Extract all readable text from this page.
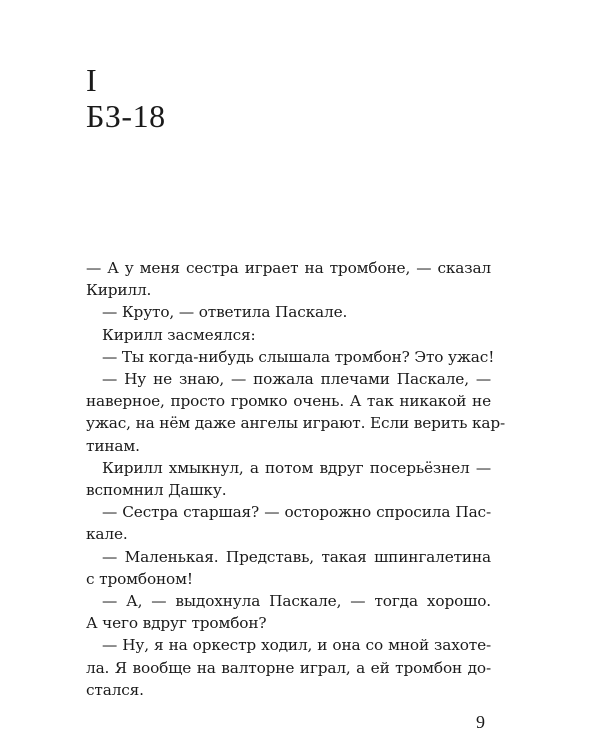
I
БЗ-18
— А у меня сестра играет на тромбоне, — сказал
Кирилл.
— Круто, — ответила Паскале.
Кирилл засмеялся:
— Ты когда-нибудь слышала тромбон? Это ужас!
— Ну не знаю, — пожала плечами Паскале, —
наверное, просто громко очень. А так никакой не
ужас, на нём даже ангелы играют. Если верить кар-
тинам.
Кирилл хмыкнул, а потом вдруг посерьёзнел —
вспомнил Дашку.
— Сестра старшая? — осторожно спросила Пас-
кале.
— Маленькая. Представь, такая шпингалетина
с тромбоном!
— А, — выдохнула Паскале, — тогда хорошо.
А чего вдруг тромбон?
— Ну, я на оркестр ходил, и она со мной захоте-
ла. Я вообще на валторне играл, а ей тромбон до-
стался.
9
